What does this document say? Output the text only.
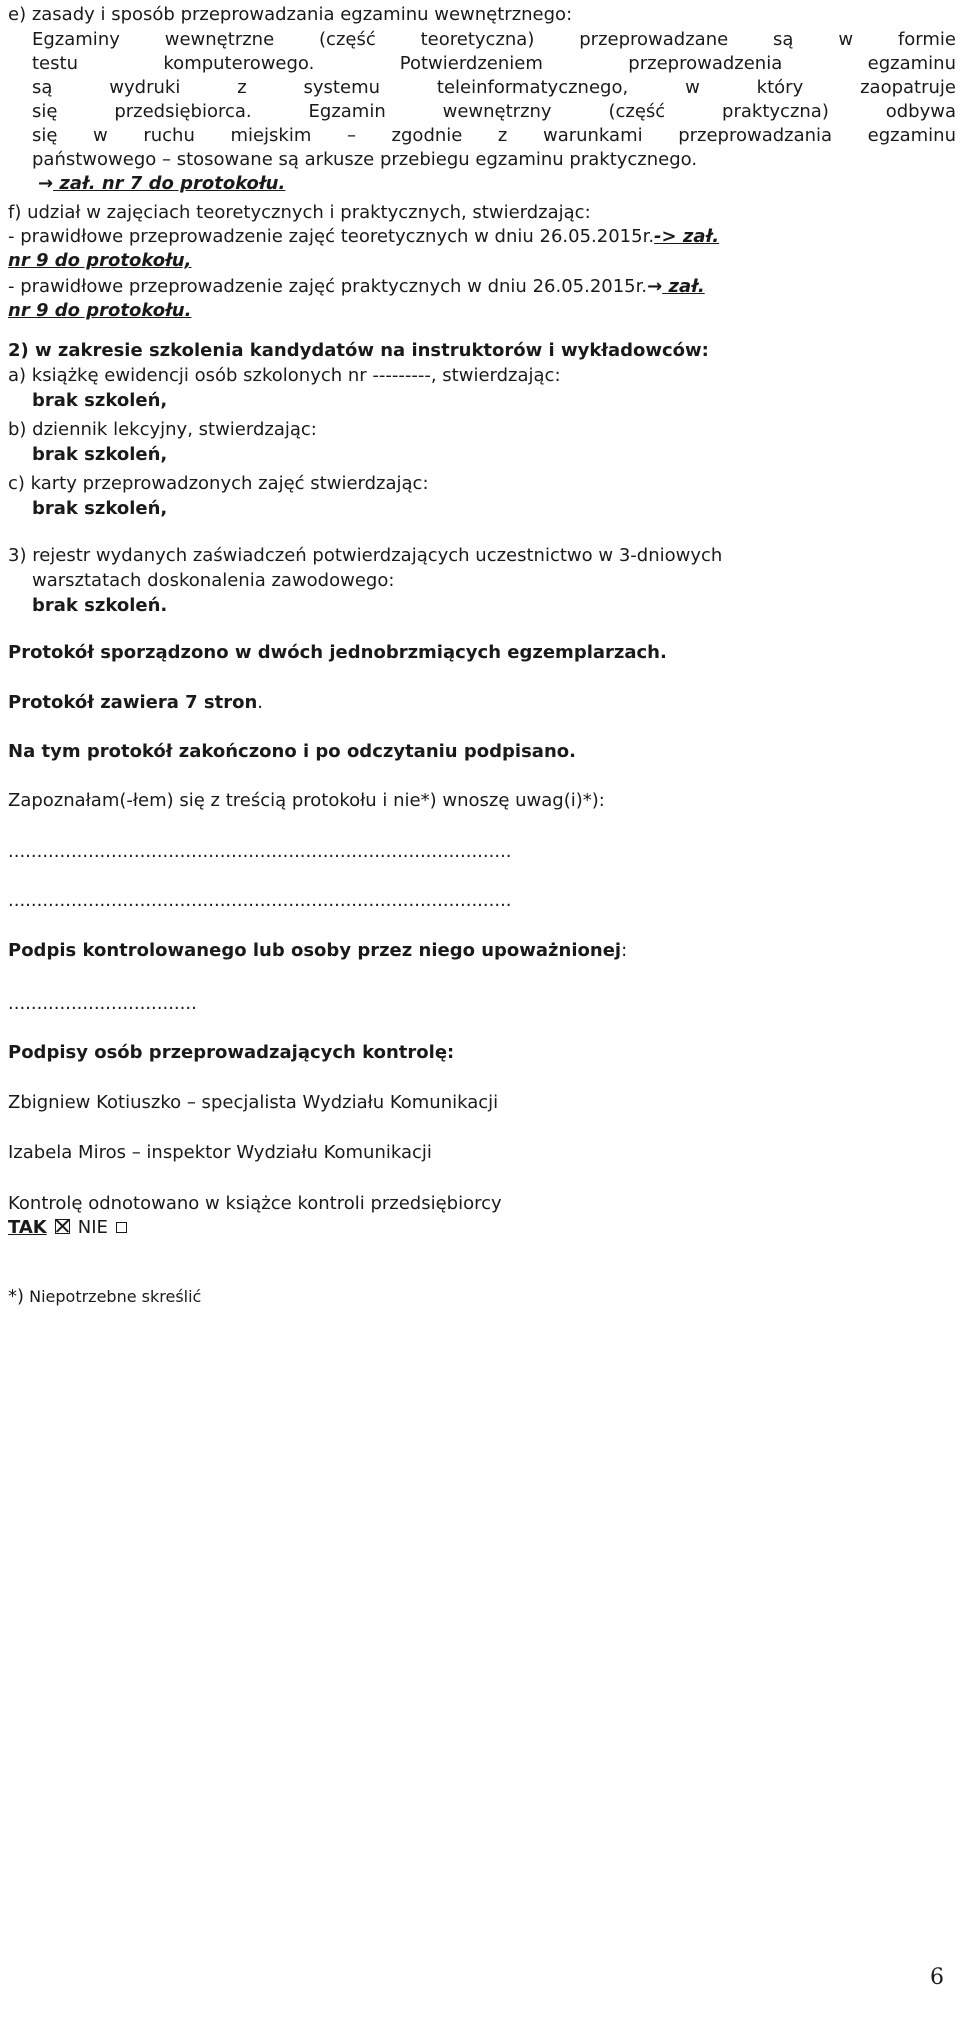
e) zasady i sposób przeprowadzania egzaminu wewnętrznego:

Egzaminy wewnętrzne (część teoretyczna) przeprowadzane są w formie

testu komputerowego. Potwierdzeniem przeprowadzenia egzaminu

są wydruki z systemu teleinformatycznego, w który zaopatruje

się przedsiębiorca. Egzamin wewnętrzny (część praktyczna) odbywa

się w ruchu miejskim – zgodnie z warunkami przeprowadzania egzaminu

państwowego – stosowane są arkusze przebiegu egzaminu praktycznego.

→ zał. nr 7 do protokołu.

f) udział w zajęciach teoretycznych i praktycznych, stwierdzając:

- prawidłowe przeprowadzenie zajęć teoretycznych w dniu 26.05.2015r.-> zał.

nr 9 do protokołu,

- prawidłowe przeprowadzenie zajęć praktycznych w dniu 26.05.2015r.→ zał.

nr 9 do protokołu.

2) w zakresie szkolenia kandydatów na instruktorów i wykładowców:

a) książkę ewidencji osób szkolonych nr ---------, stwierdzając:

brak szkoleń,

b) dziennik lekcyjny, stwierdzając:

brak szkoleń,

c) karty przeprowadzonych zajęć stwierdzając:

brak szkoleń,

3) rejestr wydanych zaświadczeń potwierdzających uczestnictwo w 3-dniowych

warsztatach doskonalenia zawodowego:

brak szkoleń.

Protokół sporządzono w dwóch jednobrzmiących egzemplarzach.

Protokół zawiera 7 stron.

Na tym protokół zakończono i po odczytaniu podpisano.

Zapoznałam(-łem) się z treścią protokołu i nie*) wnoszę uwag(i)*):

........................................................................................

........................................................................................

Podpis kontrolowanego lub osoby przez niego upoważnionej:

.................................

Podpisy osób przeprowadzających kontrolę:

Zbigniew Kotiuszko – specjalista Wydziału Komunikacji

Izabela Miros – inspektor Wydziału Komunikacji

Kontrolę odnotowano w książce kontroli przedsiębiorcy

TAK NIE

*) Niepotrzebne skreślić

6
